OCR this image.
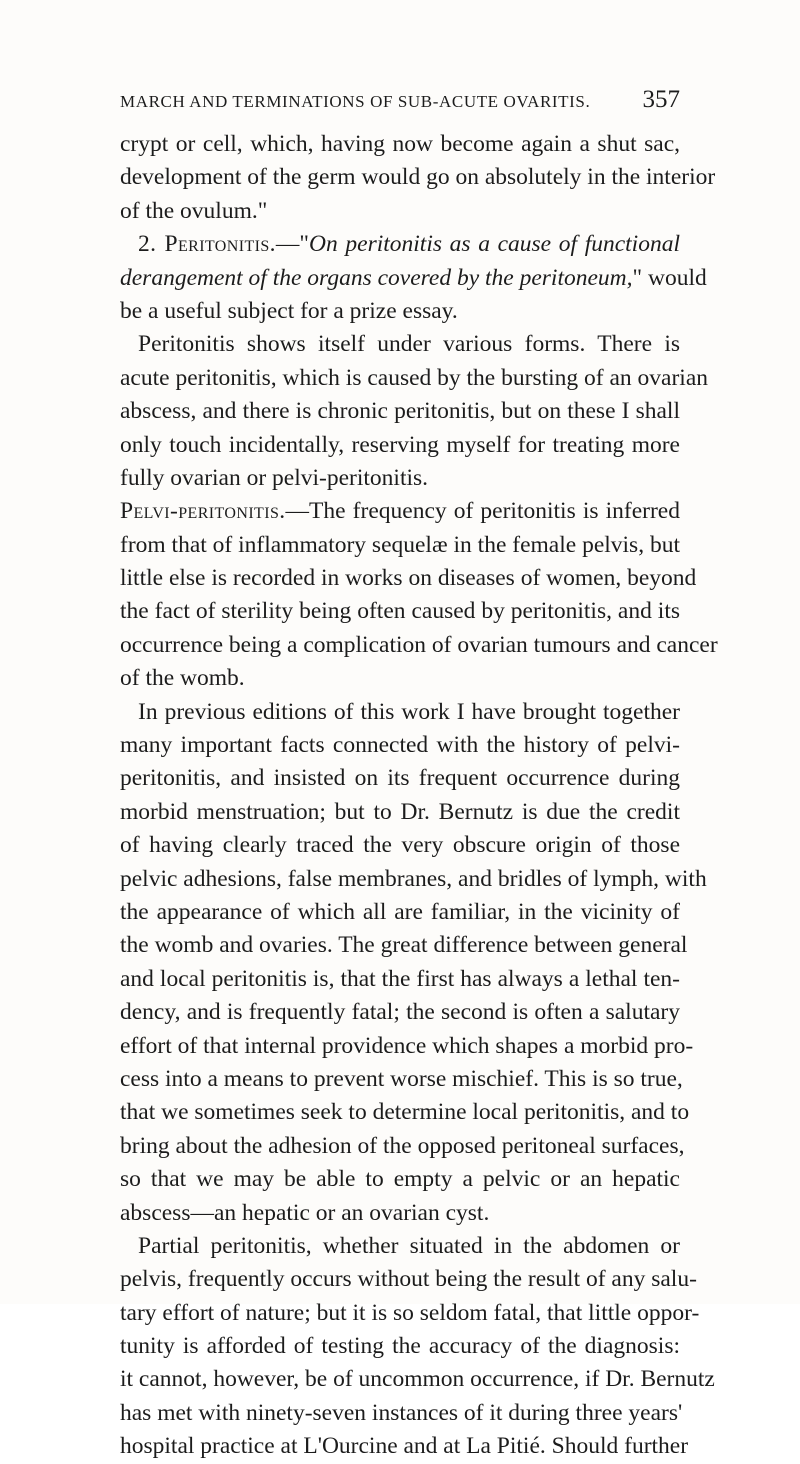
MARCH AND TERMINATIONS OF SUB-ACUTE OVARITIS. 357
crypt or cell, which, having now become again a shut sac,
development of the germ would go on absolutely in the interior
of the ovulum."
2. Peritonitis.—"On peritonitis as a cause of functional
derangement of the organs covered by the peritoneum," would
be a useful subject for a prize essay.
Peritonitis shows itself under various forms. There is
acute peritonitis, which is caused by the bursting of an ovarian
abscess, and there is chronic peritonitis, but on these I shall
only touch incidentally, reserving myself for treating more
fully ovarian or pelvi-peritonitis.
Pelvi-peritonitis.—The frequency of peritonitis is inferred
from that of inflammatory sequelæ in the female pelvis, but
little else is recorded in works on diseases of women, beyond
the fact of sterility being often caused by peritonitis, and its
occurrence being a complication of ovarian tumours and cancer
of the womb.
In previous editions of this work I have brought together
many important facts connected with the history of pelvi-
peritonitis, and insisted on its frequent occurrence during
morbid menstruation; but to Dr. Bernutz is due the credit
of having clearly traced the very obscure origin of those
pelvic adhesions, false membranes, and bridles of lymph, with
the appearance of which all are familiar, in the vicinity of
the womb and ovaries. The great difference between general
and local peritonitis is, that the first has always a lethal ten-
dency, and is frequently fatal; the second is often a salutary
effort of that internal providence which shapes a morbid pro-
cess into a means to prevent worse mischief. This is so true,
that we sometimes seek to determine local peritonitis, and to
bring about the adhesion of the opposed peritoneal surfaces,
so that we may be able to empty a pelvic or an hepatic
abscess—an hepatic or an ovarian cyst.
Partial peritonitis, whether situated in the abdomen or
pelvis, frequently occurs without being the result of any salu-
tary effort of nature; but it is so seldom fatal, that little oppor-
tunity is afforded of testing the accuracy of the diagnosis:
it cannot, however, be of uncommon occurrence, if Dr. Bernutz
has met with ninety-seven instances of it during three years'
hospital practice at L'Ourcine and at La Pitié. Should further
